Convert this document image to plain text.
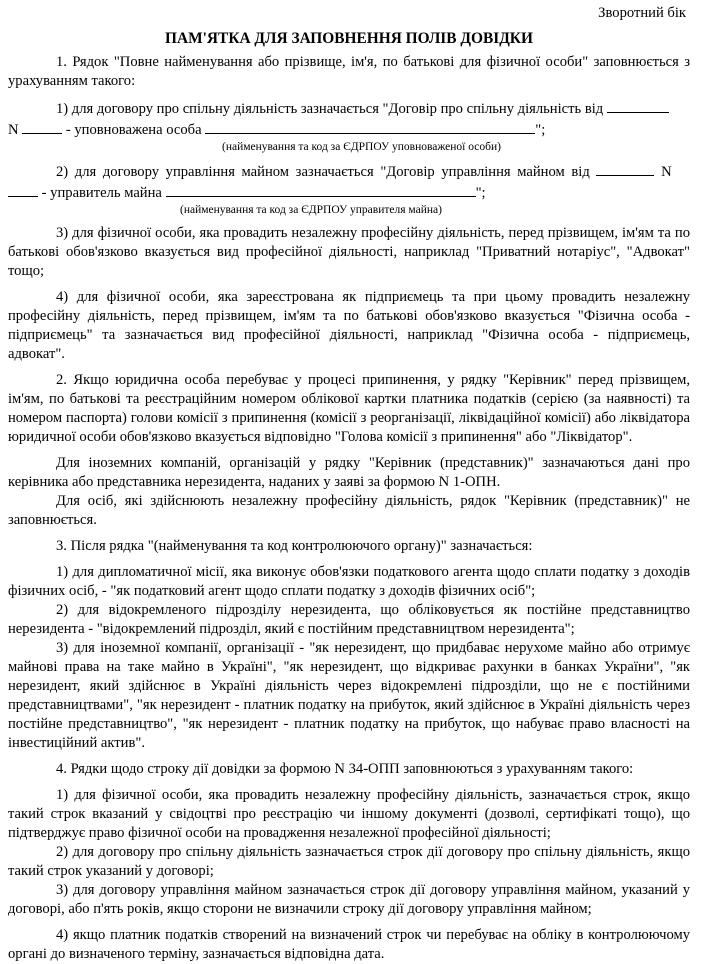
Зворотний бік
ПАМ'ЯТКА ДЛЯ ЗАПОВНЕННЯ ПОЛІВ ДОВІДКИ
1. Рядок "Повне найменування або прізвище, ім'я, по батькові для фізичної особи" заповнюється з урахуванням такого:
1) для договору про спільну діяльність зазначається "Договір про спільну діяльність від
N	- уповноважена особа	";
(найменування та код за ЄДРПОУ уповноваженої особи)
2) для договору управління майном зазначається "Договір управління майном від	N
- управитель майна	";
(найменування та код за ЄДРПОУ управителя майна)
3) для фізичної особи, яка провадить незалежну професійну діяльність, перед прізвищем, ім'ям та по батькові обов'язково вказується вид професійної діяльності, наприклад "Приватний нотаріус", "Адвокат" тощо;
4) для фізичної особи, яка зареєстрована як підприємець та при цьому провадить незалежну професійну діяльність, перед прізвищем, ім'ям та по батькові обов'язково вказується "Фізична особа - підприємець" та зазначається вид професійної діяльності, наприклад "Фізична особа - підприємець, адвокат".
2. Якщо юридична особа перебуває у процесі припинення, у рядку "Керівник" перед прізвищем, ім'ям, по батькові та реєстраційним номером облікової картки платника податків (серією (за наявності) та номером паспорта) голови комісії з припинення (комісії з реорганізації, ліквідаційної комісії) або ліквідатора юридичної особи обов'язково вказується відповідно "Голова комісії з припинення" або "Ліквідатор".
Для іноземних компаній, організацій у рядку "Керівник (представник)" зазначаються дані про керівника або представника нерезидента, наданих у заяві за формою N 1-ОПН.
Для осіб, які здійснюють незалежну професійну діяльність, рядок "Керівник (представник)" не заповнюється.
3. Після рядка "(найменування та код контролюючого органу)" зазначається:
1) для дипломатичної місії, яка виконує обов'язки податкового агента щодо сплати податку з доходів фізичних осіб, - "як податковий агент щодо сплати податку з доходів фізичних осіб";
2) для відокремленого підрозділу нерезидента, що обліковується як постійне представництво нерезидента - "відокремлений підрозділ, який є постійним представництвом нерезидента";
3) для іноземної компанії, організації - "як нерезидент, що придбаває нерухоме майно або отримує майнові права на таке майно в Україні", "як нерезидент, що відкриває рахунки в банках України", "як нерезидент, який здійснює в Україні діяльність через відокремлені підрозділи, що не є постійними представництвами", "як нерезидент - платник податку на прибуток, який здійснює в Україні діяльність через постійне представництво", "як нерезидент - платник податку на прибуток, що набуває право власності на інвестиційний актив".
4. Рядки щодо строку дії довідки за формою N 34-ОПП заповнюються з урахуванням такого:
1) для фізичної особи, яка провадить незалежну професійну діяльність, зазначається строк, якщо такий строк вказаний у свідоцтві про реєстрацію чи іншому документі (дозволі, сертифікаті тощо), що підтверджує право фізичної особи на провадження незалежної професійної діяльності;
2) для договору про спільну діяльність зазначається строк дії договору про спільну діяльність, якщо такий строк указаний у договорі;
3) для договору управління майном зазначається строк дії договору управління майном, указаний у договорі, або п'ять років, якщо сторони не визначили строку дії договору управління майном;
4) якщо платник податків створений на визначений строк чи перебуває на обліку в контролюючому органі до визначеного терміну, зазначається відповідна дата.
